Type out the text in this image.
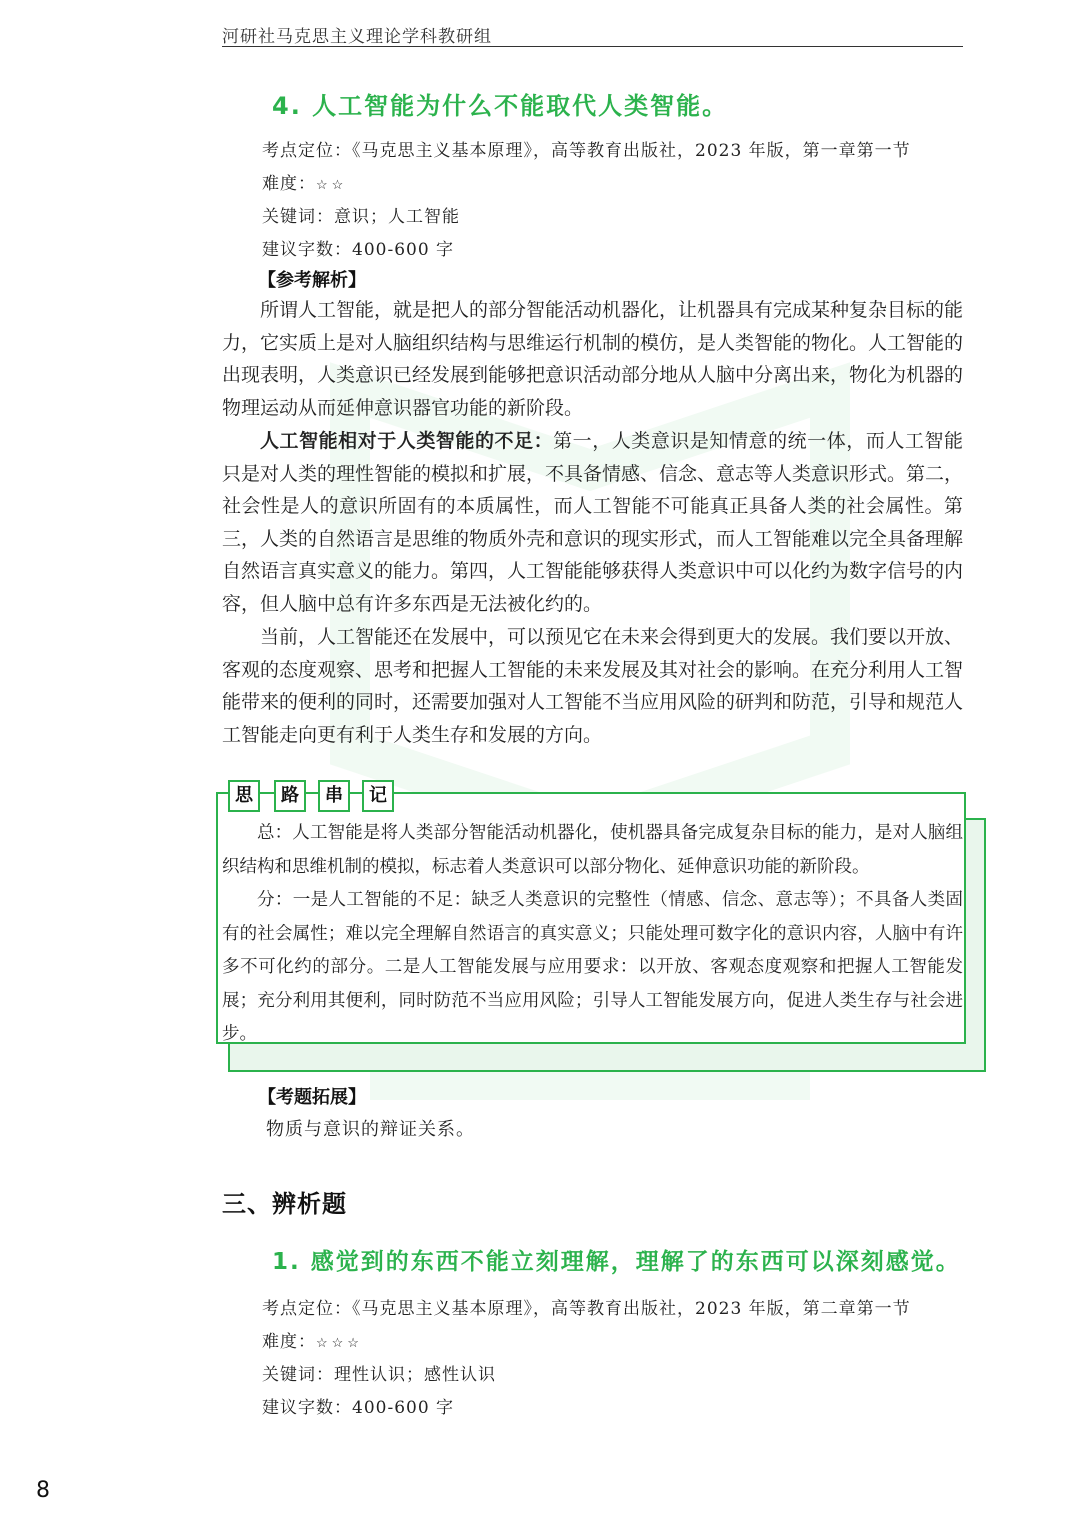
河研社马克思主义理论学科教研组
4. 人工智能为什么不能取代人类智能。
考点定位：《马克思主义基本原理》，高等教育出版社，2023 年版，第一章第一节
难度：☆☆
关键词：意识；人工智能
建议字数：400-600 字
【参考解析】

所谓人工智能，就是把人的部分智能活动机器化，让机器具有完成某种复杂目标的能力，它实质上是对人脑组织结构与思维运行机制的模仿，是人类智能的物化。人工智能的出现表明，人类意识已经发展到能够把意识活动部分地从人脑中分离出来，物化为机器的物理运动从而延伸意识器官功能的新阶段。

人工智能相对于人类智能的不足：第一，人类意识是知情意的统一体，而人工智能只是对人类的理性智能的模拟和扩展，不具备情感、信念、意志等人类意识形式。第二，社会性是人的意识所固有的本质属性，而人工智能不可能真正具备人类的社会属性。第三，人类的自然语言是思维的物质外壳和意识的现实形式，而人工智能难以完全具备理解自然语言真实意义的能力。第四，人工智能能够获得人类意识中可以化约为数字信号的内容，但人脑中总有许多东西是无法被化约的。

当前，人工智能还在发展中，可以预见它在未来会得到更大的发展。我们要以开放、客观的态度观察、思考和把握人工智能的未来发展及其对社会的影响。在充分利用人工智能带来的便利的同时，还需要加强对人工智能不当应用风险的研判和防范，引导和规范人工智能走向更有利于人类生存和发展的方向。

思	路	串	记

总：人工智能是将人类部分智能活动机器化，使机器具备完成复杂目标的能力，是对人脑组织结构和思维机制的模拟，标志着人类意识可以部分物化、延伸意识功能的新阶段。

分：一是人工智能的不足：缺乏人类意识的完整性（情感、信念、意志等）；不具备人类固有的社会属性；难以完全理解自然语言的真实意义；只能处理可数字化的意识内容，人脑中有许多不可化约的部分。二是人工智能发展与应用要求：以开放、客观态度观察和把握人工智能发展；充分利用其便利，同时防范不当应用风险；引导人工智能发展方向，促进人类生存与社会进步。

【考题拓展】
物质与意识的辩证关系。
三、辨析题
1. 感觉到的东西不能立刻理解，理解了的东西可以深刻感觉。
考点定位：《马克思主义基本原理》，高等教育出版社，2023 年版，第二章第一节
难度：☆☆☆
关键词：理性认识；感性认识
建议字数：400-600 字
8
